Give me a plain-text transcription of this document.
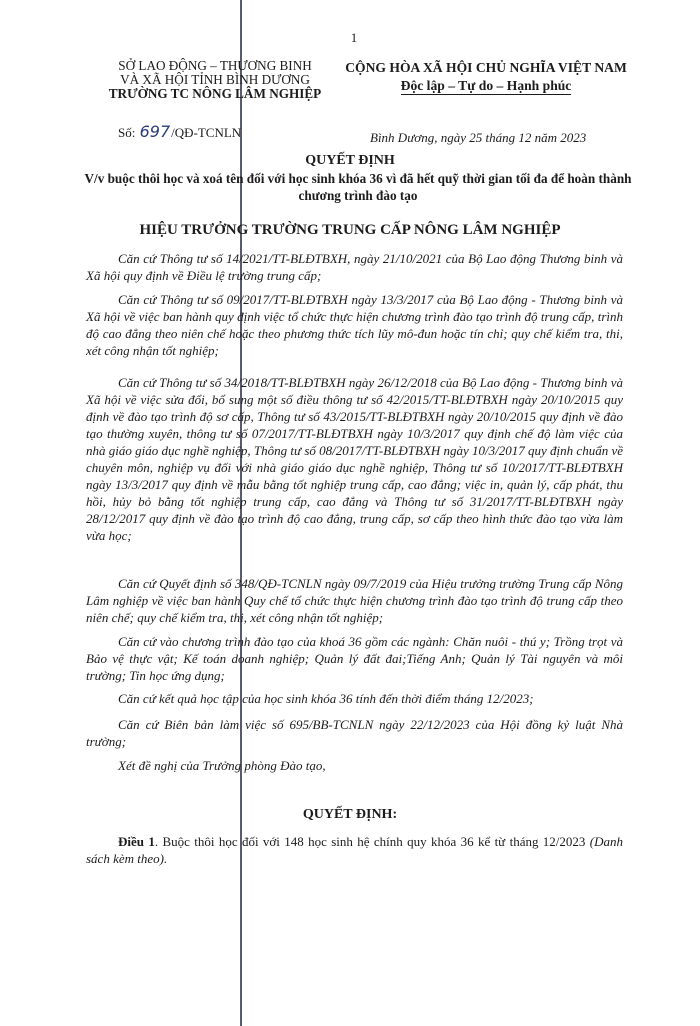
1
SỞ LAO ĐỘNG – THƯƠNG BINH
VÀ XÃ HỘI TỈNH BÌNH DƯƠNG
TRƯỜNG TC NÔNG LÂM NGHIỆP
CỘNG HÒA XÃ HỘI CHỦ NGHĨA VIỆT NAM
Độc lập – Tự do – Hạnh phúc
Số: 697/QĐ-TCNLN	Bình Dương, ngày 25 tháng 12 năm 2023
QUYẾT ĐỊNH
V/v buộc thôi học và xoá tên đối với học sinh khóa 36 vì đã hết quỹ thời gian tối đa để hoàn thành chương trình đào tạo
HIỆU TRƯỞNG TRƯỜNG TRUNG CẤP NÔNG LÂM NGHIỆP

Căn cứ Thông tư số 14/2021/TT-BLĐTBXH, ngày 21/10/2021 của Bộ Lao động Thương binh và Xã hội quy định về Điều lệ trường trung cấp;

Căn cứ Thông tư số 09/2017/TT-BLĐTBXH ngày 13/3/2017 của Bộ Lao động - Thương binh và Xã hội về việc ban hành quy định việc tổ chức thực hiện chương trình đào tạo trình độ trung cấp, trình độ cao đẳng theo niên chế hoặc theo phương thức tích lũy mô-đun hoặc tín chỉ; quy chế kiểm tra, thi, xét công nhận tốt nghiệp;

Căn cứ Thông tư số 34/2018/TT-BLĐTBXH ngày 26/12/2018 của Bộ Lao động - Thương binh và Xã hội về việc sửa đổi, bổ sung một số điều thông tư số 42/2015/TT-BLĐTBXH ngày 20/10/2015 quy định về đào tạo trình độ sơ cấp, Thông tư số 43/2015/TT-BLĐTBXH ngày 20/10/2015 quy định về đào tạo thường xuyên, thông tư số 07/2017/TT-BLĐTBXH ngày 10/3/2017 quy định chế độ làm việc của nhà giáo giáo dục nghề nghiệp, Thông tư số 08/2017/TT-BLĐTBXH ngày 10/3/2017 quy định chuẩn về chuyên môn, nghiệp vụ đối với nhà giáo giáo dục nghề nghiệp, Thông tư số 10/2017/TT-BLĐTBXH ngày 13/3/2017 quy định về mẫu bằng tốt nghiệp trung cấp, cao đẳng; việc in, quản lý, cấp phát, thu hồi, hủy bỏ bằng tốt nghiệp trung cấp, cao đẳng và Thông tư số 31/2017/TT-BLĐTBXH ngày 28/12/2017 quy định về đào tạo trình độ cao đẳng, trung cấp, sơ cấp theo hình thức đào tạo vừa làm vừa học;

Căn cứ Quyết định số 348/QĐ-TCNLN ngày 09/7/2019 của Hiệu trưởng trường Trung cấp Nông Lâm nghiệp về việc ban hành Quy chế tổ chức thực hiện chương trình đào tạo trình độ trung cấp theo niên chế; quy chế kiểm tra, thi, xét công nhận tốt nghiệp;

Căn cứ vào chương trình đào tạo của khoá 36 gồm các ngành: Chăn nuôi - thú y; Trồng trọt và Bảo vệ thực vật; Kế toán doanh nghiệp; Quản lý đất đai;Tiếng Anh; Quản lý Tài nguyên và môi trường; Tin học ứng dụng;

Căn cứ kết quả học tập của học sinh khóa 36 tính đến thời điểm tháng 12/2023;

Căn cứ Biên bản làm việc số 695/BB-TCNLN ngày 22/12/2023 của Hội đồng kỷ luật Nhà trường;

Xét đề nghị của Trưởng phòng Đào tạo,

QUYẾT ĐỊNH:

Điều 1. Buộc thôi học đối với 148 học sinh hệ chính quy khóa 36 kể từ tháng 12/2023 (Danh sách kèm theo).
